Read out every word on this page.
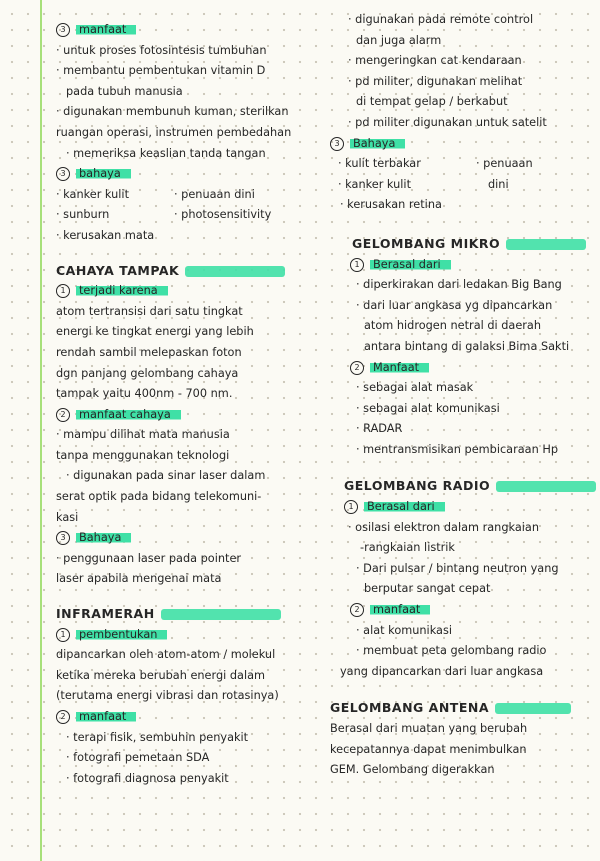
3 manfaat
· untuk proses fotosintesis tumbuhan
· membantu pembentukan vitamin D
pada tubuh manusia
· digunakan membunuh kuman, sterilkan
ruangan operasi, instrumen pembedahan
· memeriksa keaslian tanda tangan
3 bahaya
· kanker kulit	· penuaan dini
· sunburn	· photosensitivity
· kerusakan mata
CAHAYA TAMPAK
1 terjadi karena
atom tertransisi dari satu tingkat
energi ke tingkat energi yang lebih
rendah sambil melepaskan foton
dgn panjang gelombang cahaya
tampak yaitu 400nm - 700 nm.
2 manfaat cahaya
· mampu dilihat mata manusia
tanpa menggunakan teknologi
· digunakan pada sinar laser dalam
serat optik pada bidang telekomuni-
kasi
3 Bahaya
· penggunaan laser pada pointer
laser apabila mengenai mata
INFRAMERAH
1 pembentukan
dipancarkan oleh atom-atom / molekul
ketika mereka berubah energi dalam
(terutama energi vibrasi dan rotasinya)
2 manfaat
· terapi fisik, sembuhin penyakit
· fotografi pemetaan SDA
· fotografi diagnosa penyakit
· digunakan pada remote control
dan juga alarm
· mengeringkan cat kendaraan
· pd militer, digunakan melihat
di tempat gelap / berkabut
· pd militer digunakan untuk satelit
3 Bahaya
· kulit terbakar	· penuaan
· kanker kulit	dini
· kerusakan retina
GELOMBANG MIKRO
1 Berasal dari
· diperkirakan dari ledakan Big Bang
· dari luar angkasa yg dipancarkan
atom hidrogen netral di daerah
antara bintang di galaksi Bima Sakti
2 Manfaat
· sebagai alat masak
· sebagai alat komunikasi
· RADAR
· mentransmisikan pembicaraan Hp
GELOMBANG RADIO
1 Berasal dari
· osilasi elektron dalam rangkaian
-rangkaian listrik
· Dari pulsar / bintang neutron yang
berputar sangat cepat
2 manfaat
· alat komunikasi
· membuat peta gelombang radio
yang dipancarkan dari luar angkasa
GELOMBANG ANTENA
Berasal dari muatan yang berubah
kecepatannya dapat menimbulkan
GEM. Gelombang digerakkan
